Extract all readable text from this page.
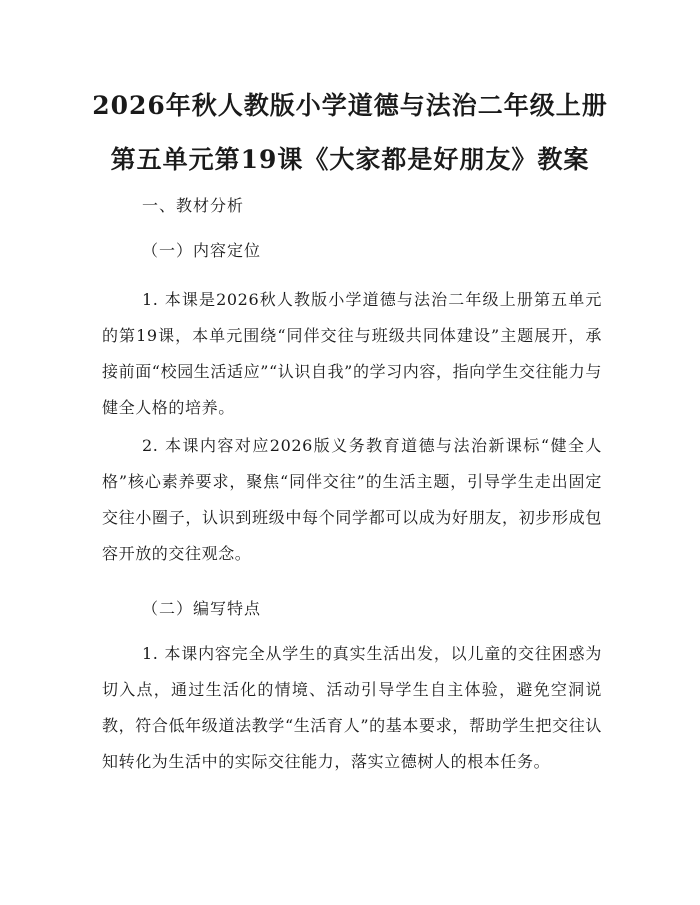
2026年秋人教版小学道德与法治二年级上册
第五单元第19课《大家都是好朋友》教案
一、教材分析
（一）内容定位
1. 本课是2026秋人教版小学道德与法治二年级上册第五单元的第19课，本单元围绕“同伴交往与班级共同体建设”主题展开，承接前面“校园生活适应”“认识自我”的学习内容，指向学生交往能力与健全人格的培养。
2. 本课内容对应2026版义务教育道德与法治新课标“健全人格”核心素养要求，聚焦“同伴交往”的生活主题，引导学生走出固定交往小圈子，认识到班级中每个同学都可以成为好朋友，初步形成包容开放的交往观念。
（二）编写特点
1. 本课内容完全从学生的真实生活出发，以儿童的交往困惑为切入点，通过生活化的情境、活动引导学生自主体验，避免空洞说教，符合低年级道法教学“生活育人”的基本要求，帮助学生把交往认知转化为生活中的实际交往能力，落实立德树人的根本任务。
